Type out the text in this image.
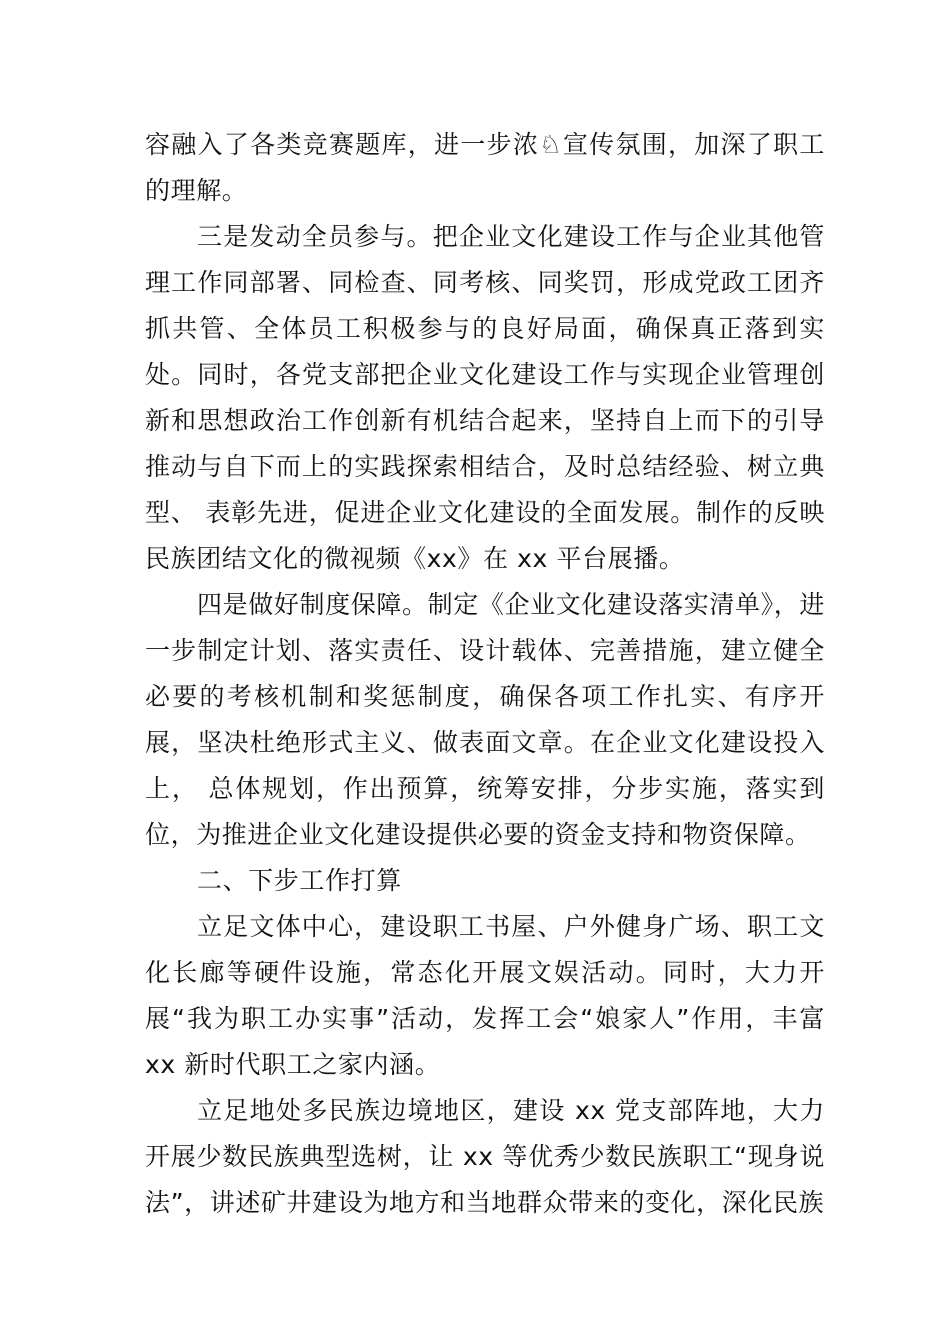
容融入了各类竞赛题库，进一步浓♘宣传氛围，加深了职工的理解。

三是发动全员参与。把企业文化建设工作与企业其他管理工作同部署、同检查、同考核、同奖罚，形成党政工团齐抓共管、全体员工积极参与的良好局面，确保真正落到实处。同时，各党支部把企业文化建设工作与实现企业管理创新和思想政治工作创新有机结合起来，坚持自上而下的引导推动与自下而上的实践探索相结合，及时总结经验、树立典型、 表彰先进，促进企业文化建设的全面发展。制作的反映民族团结文化的微视频《xx》在 xx 平台展播。

四是做好制度保障。制定《企业文化建设落实清单》，进一步制定计划、落实责任、设计载体、完善措施，建立健全必要的考核机制和奖惩制度，确保各项工作扎实、有序开展，坚决杜绝形式主义、做表面文章。在企业文化建设投入上， 总体规划，作出预算，统筹安排，分步实施，落实到位，为推进企业文化建设提供必要的资金支持和物资保障。

二、下步工作打算

立足文体中心，建设职工书屋、户外健身广场、职工文化长廊等硬件设施，常态化开展文娱活动。同时，大力开展“我为职工办实事”活动，发挥工会“娘家人”作用，丰富 xx 新时代职工之家内涵。

立足地处多民族边境地区，建设 xx 党支部阵地，大力开展少数民族典型选树，让 xx 等优秀少数民族职工“现身说法”，讲述矿井建设为地方和当地群众带来的变化，深化民族
